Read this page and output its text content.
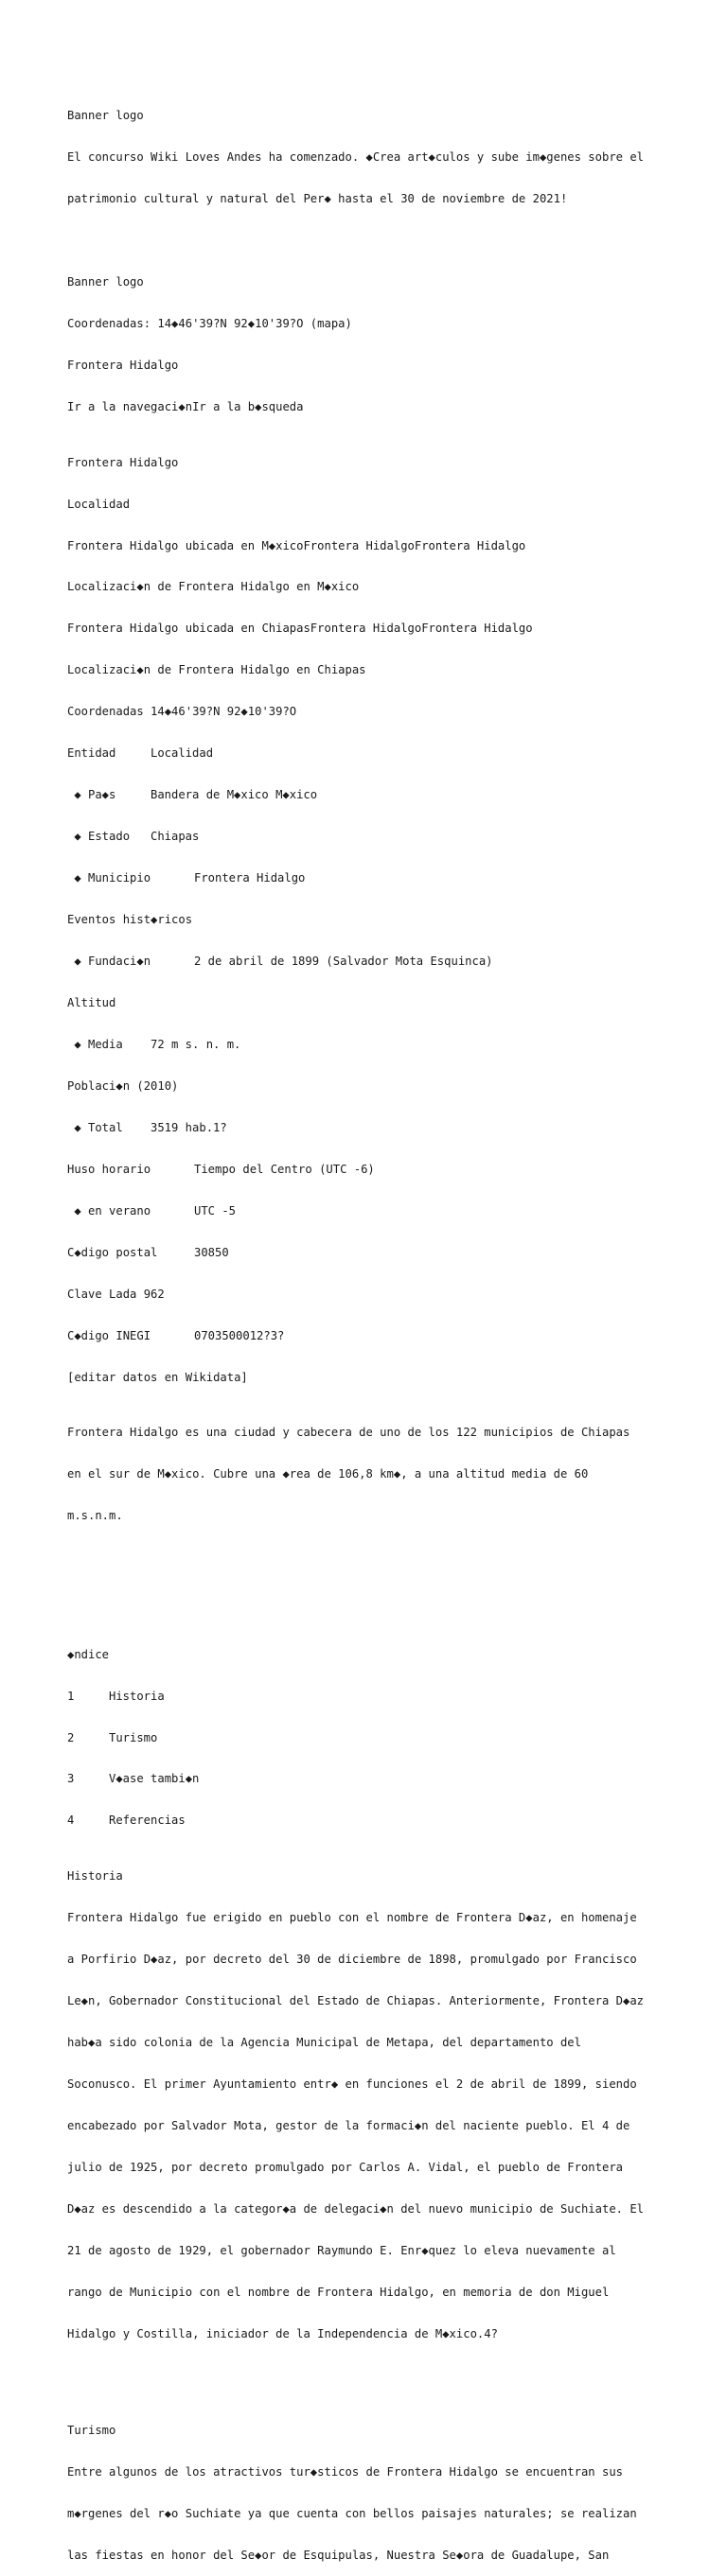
Banner logo

El concurso Wiki Loves Andes ha comenzado. ◆Crea art◆culos y sube im◆genes sobre el

patrimonio cultural y natural del Per◆ hasta el 30 de noviembre de 2021!

Banner logo

Coordenadas: 14◆46'39?N 92◆10'39?O (mapa)

Frontera Hidalgo

Ir a la navegaci◆nIr a la b◆squeda

Frontera Hidalgo

Localidad

Frontera Hidalgo ubicada en M◆xicoFrontera HidalgoFrontera Hidalgo

Localizaci◆n de Frontera Hidalgo en M◆xico

Frontera Hidalgo ubicada en ChiapasFrontera HidalgoFrontera Hidalgo

Localizaci◆n de Frontera Hidalgo en Chiapas

Coordenadas 14◆46'39?N 92◆10'39?O

Entidad	Localidad

◆ Pa◆s	Bandera de M◆xico M◆xico

◆ Estado Chiapas

◆ Municipio	Frontera Hidalgo

Eventos hist◆ricos

◆ Fundaci◆n	2 de abril de 1899 (Salvador Mota Esquinca)

Altitud

◆ Media 72 m s. n. m.

Poblaci◆n (2010)

◆ Total 3519 hab.1?

Huso horario	Tiempo del Centro (UTC -6)

◆ en verano	UTC -5

C◆digo postal	30850

Clave Lada 962

C◆digo INEGI	0703500012?3?

[editar datos en Wikidata]

Frontera Hidalgo es una ciudad y cabecera de uno de los 122 municipios de Chiapas

en el sur de M◆xico. Cubre una ◆rea de 106,8 km◆, a una altitud media de 60

m.s.n.m.

◆ndice

1	Historia

2	Turismo

3	V◆ase tambi◆n

4	Referencias

Historia

Frontera Hidalgo fue erigido en pueblo con el nombre de Frontera D◆az, en homenaje

a Porfirio D◆az, por decreto del 30 de diciembre de 1898, promulgado por Francisco

Le◆n, Gobernador Constitucional del Estado de Chiapas. Anteriormente, Frontera D◆az

hab◆a sido colonia de la Agencia Municipal de Metapa, del departamento del

Soconusco. El primer Ayuntamiento entr◆ en funciones el 2 de abril de 1899, siendo

encabezado por Salvador Mota, gestor de la formaci◆n del naciente pueblo. El 4 de

julio de 1925, por decreto promulgado por Carlos A. Vidal, el pueblo de Frontera

D◆az es descendido a la categor◆a de delegaci◆n del nuevo municipio de Suchiate. El

21 de agosto de 1929, el gobernador Raymundo E. Enr◆quez lo eleva nuevamente al

rango de Municipio con el nombre de Frontera Hidalgo, en memoria de don Miguel

Hidalgo y Costilla, iniciador de la Independencia de M◆xico.4?

Turismo

Entre algunos de los atractivos tur◆sticos de Frontera Hidalgo se encuentran sus

m◆rgenes del r◆o Suchiate ya que cuenta con bellos paisajes naturales; se realizan

las fiestas en honor del Se◆or de Esquipulas, Nuestra Se◆ora de Guadalupe, San
